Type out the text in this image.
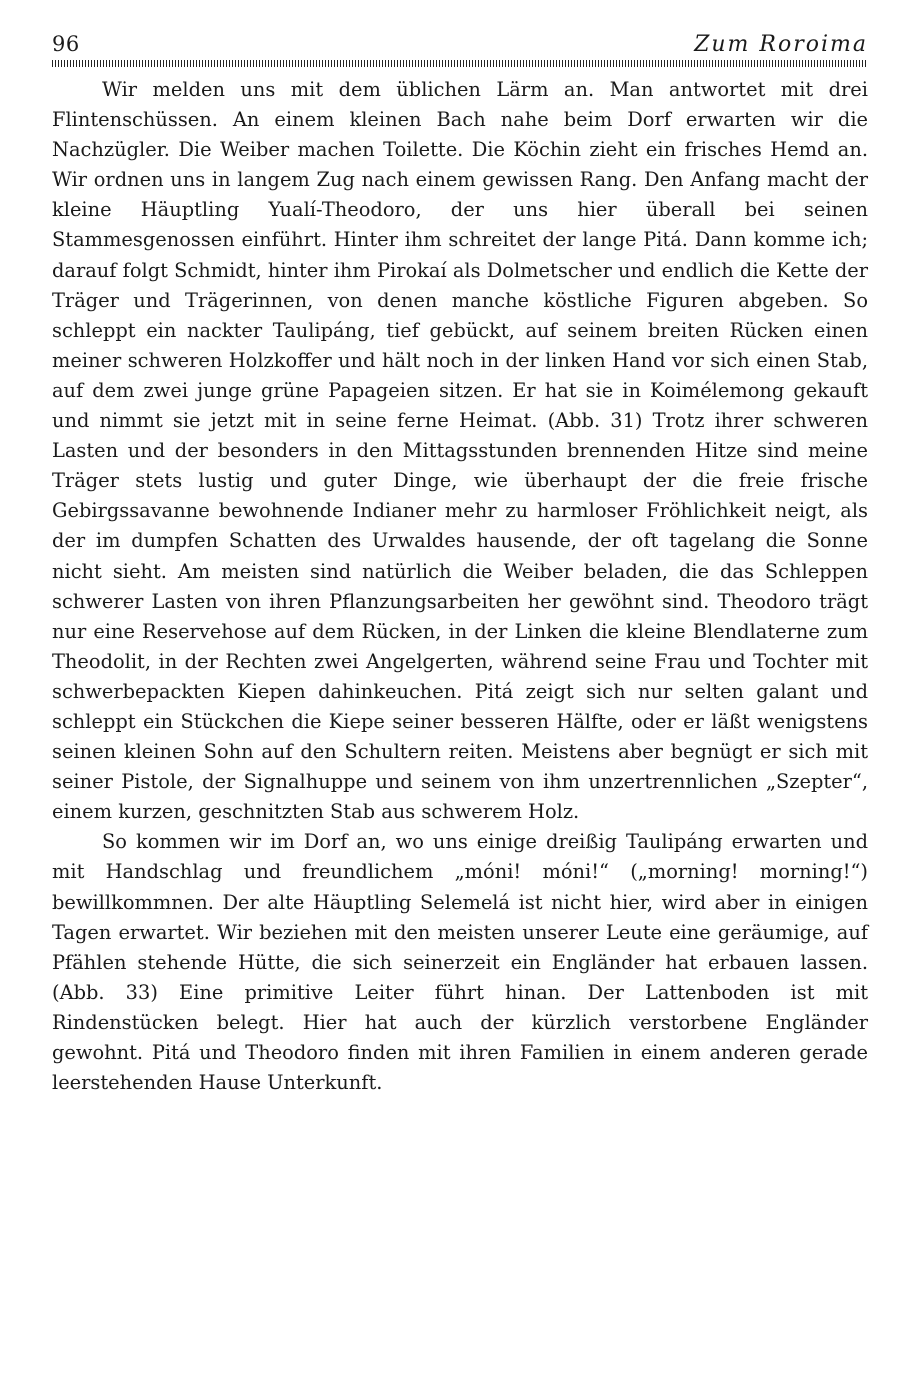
96	Zum Roroima

Wir melden uns mit dem üblichen Lärm an. Man antwortet mit drei Flintenschüssen. An einem kleinen Bach nahe beim Dorf erwarten wir die Nachzügler. Die Weiber machen Toilette. Die Köchin zieht ein frisches Hemd an. Wir ordnen uns in langem Zug nach einem gewissen Rang. Den Anfang macht der kleine Häuptling Yualí-Theodoro, der uns hier überall bei seinen Stammesgenossen einführt. Hinter ihm schreitet der lange Pitá. Dann komme ich; darauf folgt Schmidt, hinter ihm Pirokaí als Dolmetscher und endlich die Kette der Träger und Trägerinnen, von denen manche köstliche Figuren abgeben. So schleppt ein nackter Taulipáng, tief gebückt, auf seinem breiten Rücken einen meiner schweren Holzkoffer und hält noch in der linken Hand vor sich einen Stab, auf dem zwei junge grüne Papageien sitzen. Er hat sie in Koimélemong gekauft und nimmt sie jetzt mit in seine ferne Heimat. (Abb. 31) Trotz ihrer schweren Lasten und der besonders in den Mittagsstunden brennenden Hitze sind meine Träger stets lustig und guter Dinge, wie überhaupt der die freie frische Gebirgssavanne bewohnende Indianer mehr zu harmloser Fröhlichkeit neigt, als der im dumpfen Schatten des Urwaldes hausende, der oft tagelang die Sonne nicht sieht. Am meisten sind natürlich die Weiber beladen, die das Schleppen schwerer Lasten von ihren Pflanzungsarbeiten her gewöhnt sind. Theodoro trägt nur eine Reservehose auf dem Rücken, in der Linken die kleine Blendlaterne zum Theodolit, in der Rechten zwei Angelgerten, während seine Frau und Tochter mit schwerbepackten Kiepen dahinkeuchen. Pitá zeigt sich nur selten galant und schleppt ein Stückchen die Kiepe seiner besseren Hälfte, oder er läßt wenigstens seinen kleinen Sohn auf den Schultern reiten. Meistens aber begnügt er sich mit seiner Pistole, der Signalhuppe und seinem von ihm unzertrennlichen „Szepter“, einem kurzen, geschnitzten Stab aus schwerem Holz.

So kommen wir im Dorf an, wo uns einige dreißig Taulipáng erwarten und mit Handschlag und freundlichem „móni! móni!“ („morning! morning!“) bewillkommnen. Der alte Häuptling Selemelá ist nicht hier, wird aber in einigen Tagen erwartet. Wir beziehen mit den meisten unserer Leute eine geräumige, auf Pfählen stehende Hütte, die sich seinerzeit ein Engländer hat erbauen lassen. (Abb. 33) Eine primitive Leiter führt hinan. Der Lattenboden ist mit Rindenstücken belegt. Hier hat auch der kürzlich verstorbene Engländer gewohnt. Pitá und Theodoro finden mit ihren Familien in einem anderen gerade leerstehenden Hause Unterkunft.
